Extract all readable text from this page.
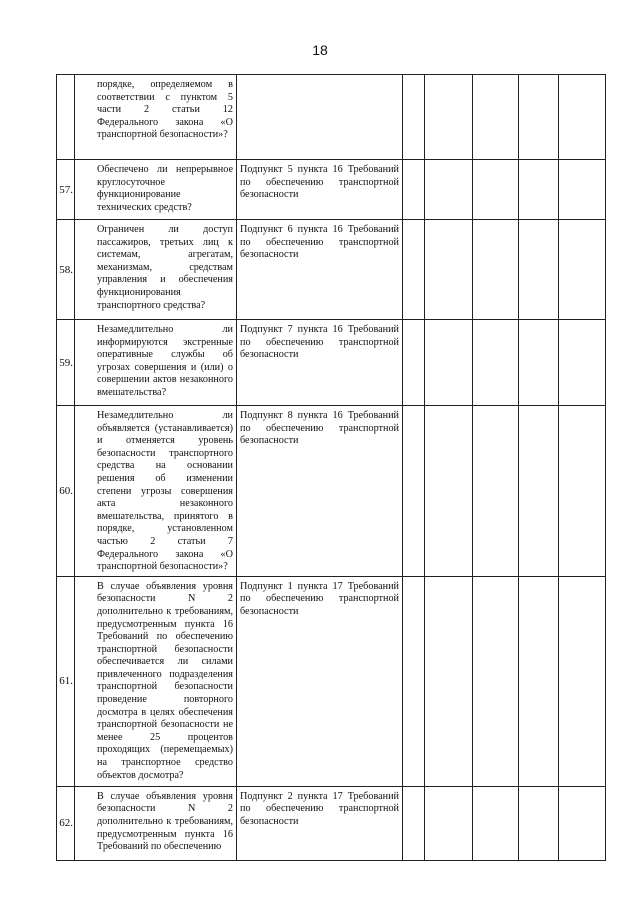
18
	порядке, определяемом в соответствии с пунктом 5 части 2 статьи 12 Федерального закона «О транспортной безопасности»?						
57.	Обеспечено ли непрерывное круглосуточное функционирование технических средств?	Подпункт 5 пункта 16 Требований по обеспечению транспортной безопасности					
58.	Ограничен ли доступ пассажиров, третьих лиц к системам, агрегатам, механизмам, средствам управления и обеспечения функционирования транспортного средства?	Подпункт 6 пункта 16 Требований по обеспечению транспортной безопасности					
59.	Незамедлительно ли информируются экстренные оперативные службы об угрозах совершения и (или) о совершении актов незаконного вмешательства?	Подпункт 7 пункта 16 Требований по обеспечению транспортной безопасности					
60.	Незамедлительно ли объявляется (устанавливается) и отменяется уровень безопасности транспортного средства на основании решения об изменении степени угрозы совершения акта незаконного вмешательства, принятого в порядке, установленном частью 2 статьи 7 Федерального закона «О транспортной безопасности»?	Подпункт 8 пункта 16 Требований по обеспечению транспортной безопасности					
61.	В случае объявления уровня безопасности N 2 дополнительно к требованиям, предусмотренным пункта 16 Требований по обеспечению транспортной безопасности обеспечивается ли силами привлеченного подразделения транспортной безопасности проведение повторного досмотра в целях обеспечения транспортной безопасности не менее 25 процентов проходящих (перемещаемых) на транспортное средство объектов досмотра?	Подпункт 1 пункта 17 Требований по обеспечению транспортной безопасности					
62.	В случае объявления уровня безопасности N 2 дополнительно к требованиям, предусмотренным пункта 16 Требований по обеспечению	Подпункт 2 пункта 17 Требований по обеспечению транспортной безопасности					
